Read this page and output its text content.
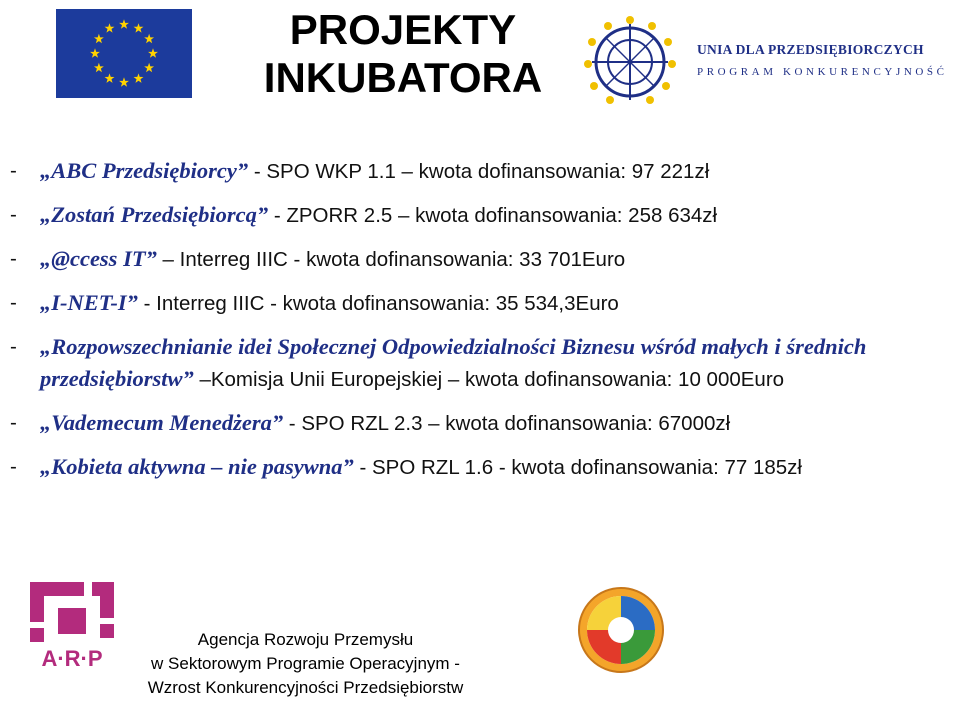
PROJEKTY
INKUBATORA
UNIA DLA PRZEDSIĘBIORCZYCH
PROGRAM KONKURENCYJNOŚĆ
- „ABC Przedsiębiorcy” - SPO WKP 1.1 – kwota dofinansowania: 97 221zł
- „Zostań Przedsiębiorcą” - ZPORR 2.5 – kwota dofinansowania: 258 634zł
- „@ccess IT” – Interreg IIIC - kwota dofinansowania: 33 701Euro
- „I-NET-I” - Interreg IIIC - kwota dofinansowania: 35 534,3Euro
- „Rozpowszechnianie idei Społecznej Odpowiedzialności Biznesu wśród małych i średnich przedsiębiorstw” –Komisja Unii Europejskiej – kwota dofinansowania: 10 000Euro
- „Vademecum Menedżera” - SPO RZL 2.3 – kwota dofinansowania: 67000zł
- „Kobieta aktywna – nie pasywna” - SPO RZL 1.6 - kwota dofinansowania: 77 185zł
A·R·P
Agencja Rozwoju Przemysłu
w Sektorowym Programie Operacyjnym -
Wzrost Konkurencyjności Przedsiębiorstw
